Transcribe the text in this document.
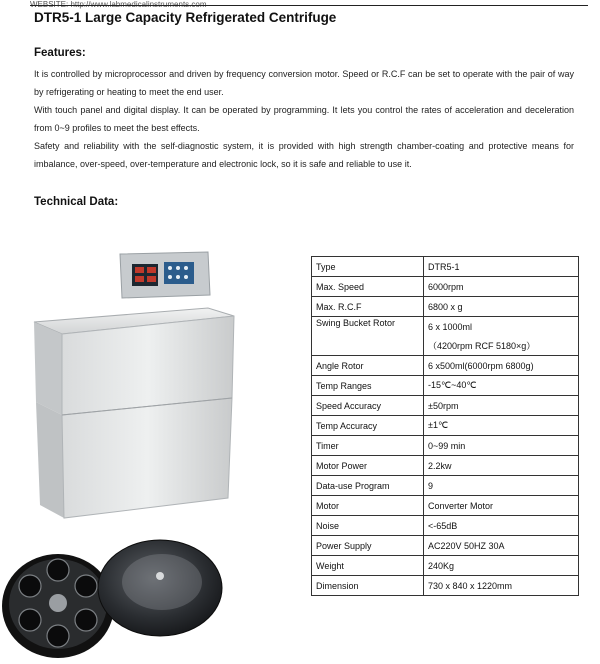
WEBSITE: http://www.labmedicalinstruments.com
DTR5-1 Large Capacity Refrigerated Centrifuge
Features:
It is controlled by microprocessor and driven by frequency conversion motor. Speed or R.C.F can be set to operate with the pair of way by refrigerating or heating to meet the end user.
With touch panel and digital display. It can be operated by programming. It lets you control the rates of acceleration and deceleration from 0~9 profiles to meet the best effects.
Safety and reliability with the self-diagnostic system, it is provided with high strength chamber-coating and protective means for imbalance, over-speed, over-temperature and electronic lock, so it is safe and reliable to use it.
Technical Data:
Type	DTR5-1
Max. Speed	6000rpm
Max. R.C.F	6800 x g
Swing Bucket Rotor	6 x 1000ml
	（4200rpm RCF 5180×g）
Angle Rotor	6 x500ml(6000rpm 6800g)
Temp Ranges	-15℃~40℃
Speed Accuracy	±50rpm
Temp Accuracy	±1℃
Timer	0~99 min
Motor Power	2.2kw
Data-use Program	9
Motor	Converter Motor
Noise	<-65dB
Power Supply	AC220V 50HZ 30A
Weight	240Kg
Dimension	730 x 840 x 1220mm
